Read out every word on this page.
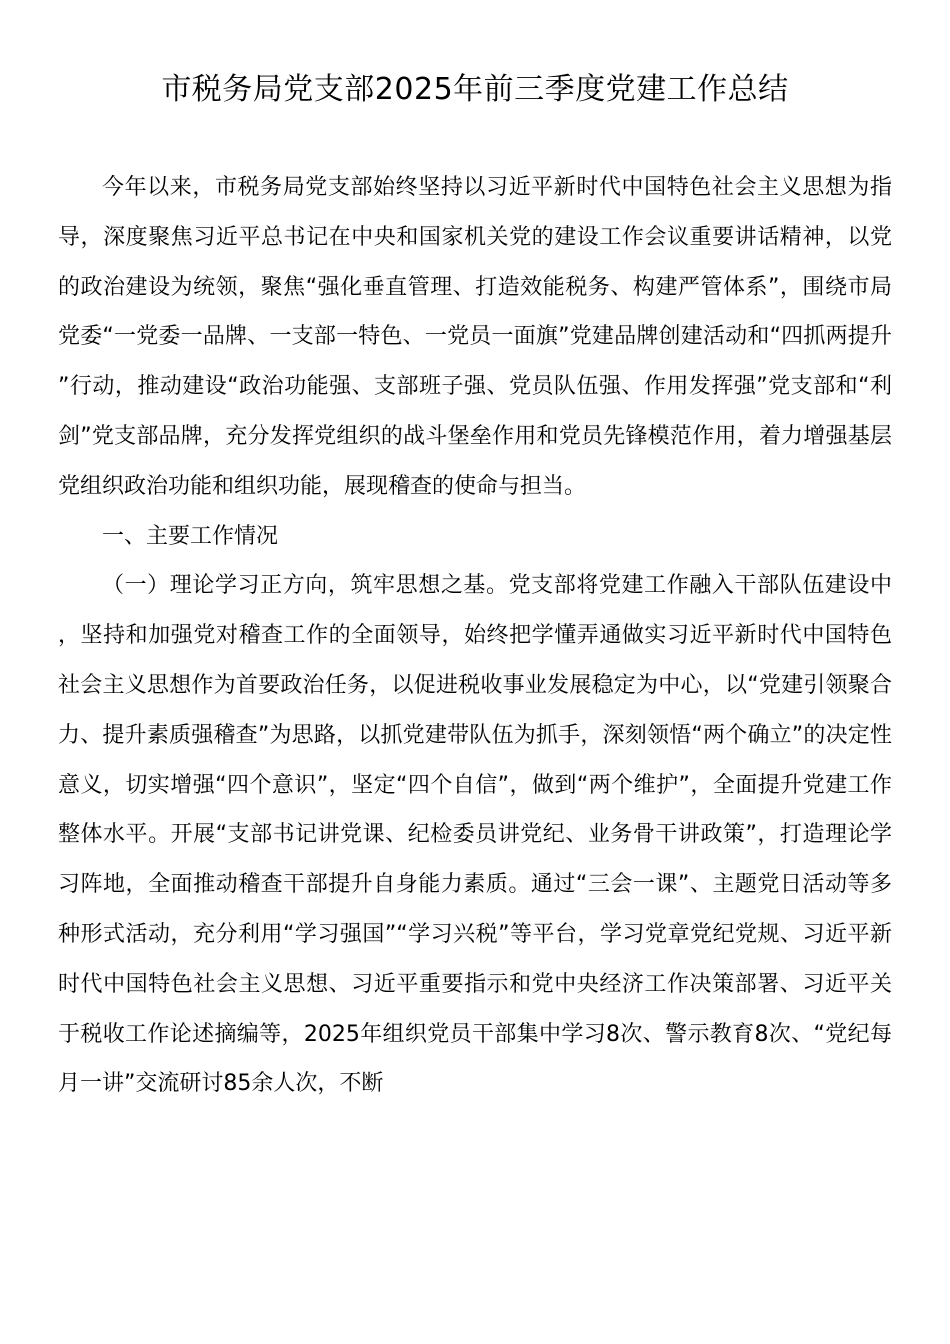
市税务局党支部2025年前三季度党建工作总结

今年以来，市税务局党支部始终坚持以习近平新时代中国特色社会主义思想为指导，深度聚焦习近平总书记在中央和国家机关党的建设工作会议重要讲话精神，以党的政治建设为统领，聚焦“强化垂直管理、打造效能税务、构建严管体系”，围绕市局党委“一党委一品牌、一支部一特色、一党员一面旗”党建品牌创建活动和“四抓两提升”行动，推动建设“政治功能强、支部班子强、党员队伍强、作用发挥强”党支部和“利剑”党支部品牌，充分发挥党组织的战斗堡垒作用和党员先锋模范作用，着力增强基层党组织政治功能和组织功能，展现稽查的使命与担当。

一、主要工作情况

（一）理论学习正方向，筑牢思想之基。党支部将党建工作融入干部队伍建设中，坚持和加强党对稽查工作的全面领导，始终把学懂弄通做实习近平新时代中国特色社会主义思想作为首要政治任务，以促进税收事业发展稳定为中心，以“党建引领聚合力、提升素质强稽查”为思路，以抓党建带队伍为抓手，深刻领悟“两个确立”的决定性意义，切实增强“四个意识”，坚定“四个自信”，做到“两个维护”，全面提升党建工作整体水平。开展“支部书记讲党课、纪检委员讲党纪、业务骨干讲政策”，打造理论学习阵地，全面推动稽查干部提升自身能力素质。通过“三会一课”、主题党日活动等多种形式活动，充分利用“学习强国”“学习兴税”等平台，学习党章党纪党规、习近平新时代中国特色社会主义思想、习近平重要指示和党中央经济工作决策部署、习近平关于税收工作论述摘编等，2025年组织党员干部集中学习8次、警示教育8次、“党纪每月一讲”交流研讨85余人次，不断
